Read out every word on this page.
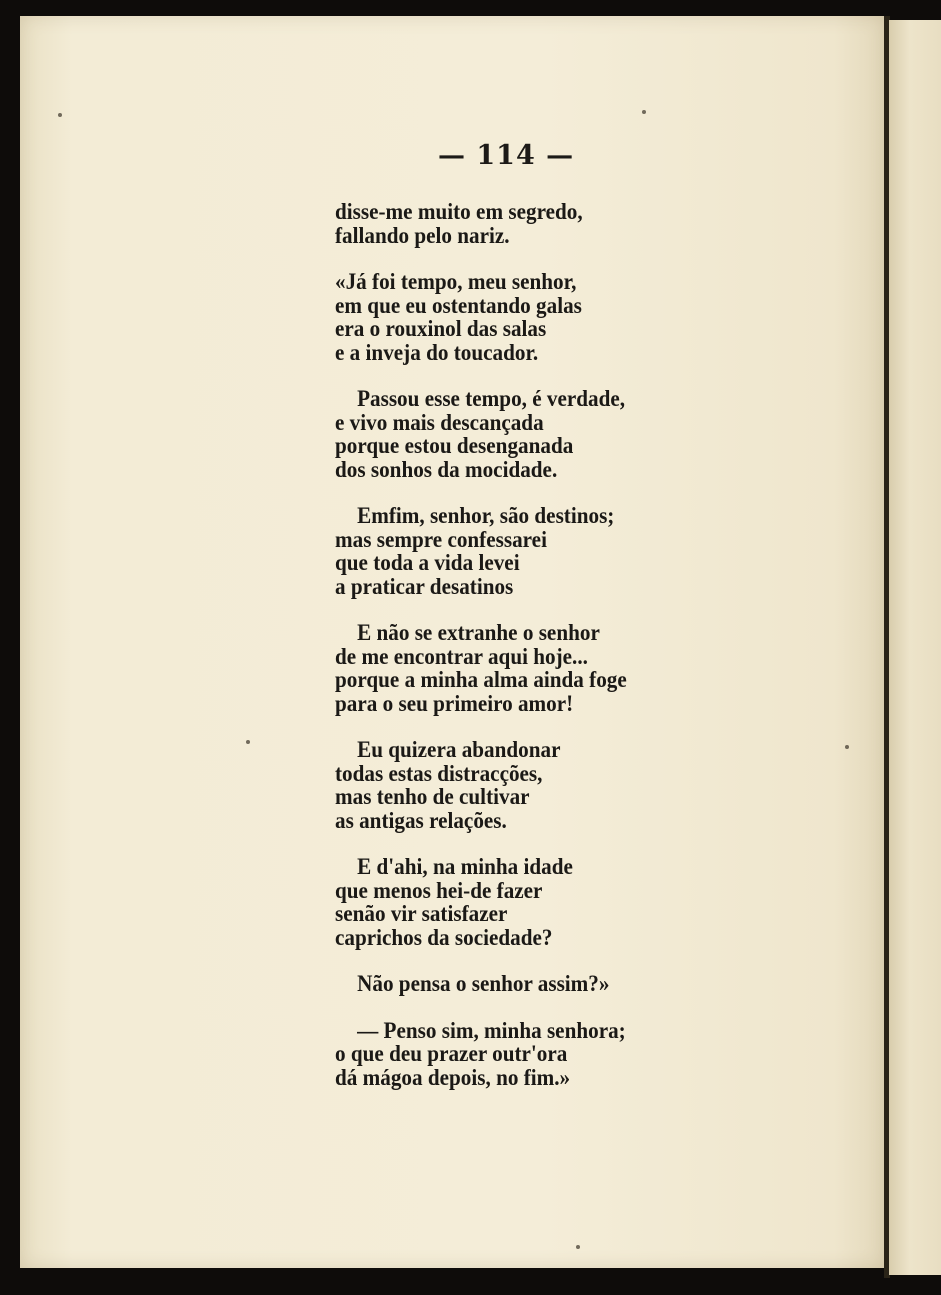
— 114 —
disse-me muito em segredo,
fallando pelo nariz.
«Já foi tempo, meu senhor,
em que eu ostentando galas
era o rouxinol das salas
e a inveja do toucador.
Passou esse tempo, é verdade,
e vivo mais descançada
porque estou desenganada
dos sonhos da mocidade.
Emfim, senhor, são destinos;
mas sempre confessarei
que toda a vida levei
a praticar desatinos
E não se extranhe o senhor
de me encontrar aqui hoje...
porque a minha alma ainda foge
para o seu primeiro amor!
Eu quizera abandonar
todas estas distracções,
mas tenho de cultivar
as antigas relações.
E d'ahi, na minha idade
que menos hei-de fazer
senão vir satisfazer
caprichos da sociedade?
Não pensa o senhor assim?»
— Penso sim, minha senhora;
o que deu prazer outr'ora
dá mágoa depois, no fim.»
